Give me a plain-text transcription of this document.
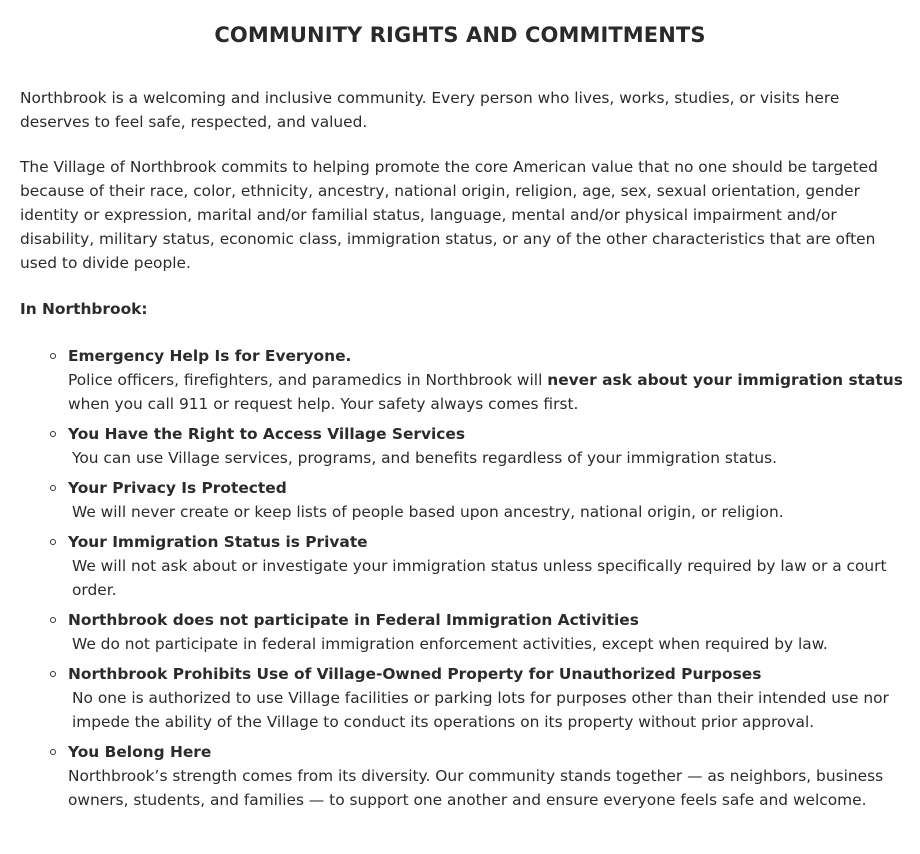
COMMUNITY RIGHTS AND COMMITMENTS

Northbrook is a welcoming and inclusive community. Every person who lives, works, studies, or visits here deserves to feel safe, respected, and valued.

The Village of Northbrook commits to helping promote the core American value that no one should be targeted because of their race, color, ethnicity, ancestry, national origin, religion, age, sex, sexual orientation, gender identity or expression, marital and/or familial status, language, mental and/or physical impairment and/or disability, military status, economic class, immigration status, or any of the other characteristics that are often used to divide people.

In Northbrook:

Emergency Help Is for Everyone.
Police officers, firefighters, and paramedics in Northbrook will never ask about your immigration status when you call 911 or request help. Your safety always comes first.
You Have the Right to Access Village Services
You can use Village services, programs, and benefits regardless of your immigration status.
Your Privacy Is Protected
We will never create or keep lists of people based upon ancestry, national origin, or religion.
Your Immigration Status is Private
We will not ask about or investigate your immigration status unless specifically required by law or a court order.
Northbrook does not participate in Federal Immigration Activities
We do not participate in federal immigration enforcement activities, except when required by law.
Northbrook Prohibits Use of Village-Owned Property for Unauthorized Purposes
No one is authorized to use Village facilities or parking lots for purposes other than their intended use nor impede the ability of the Village to conduct its operations on its property without prior approval.
You Belong Here
Northbrook’s strength comes from its diversity. Our community stands together — as neighbors, business owners, students, and families — to support one another and ensure everyone feels safe and welcome.
